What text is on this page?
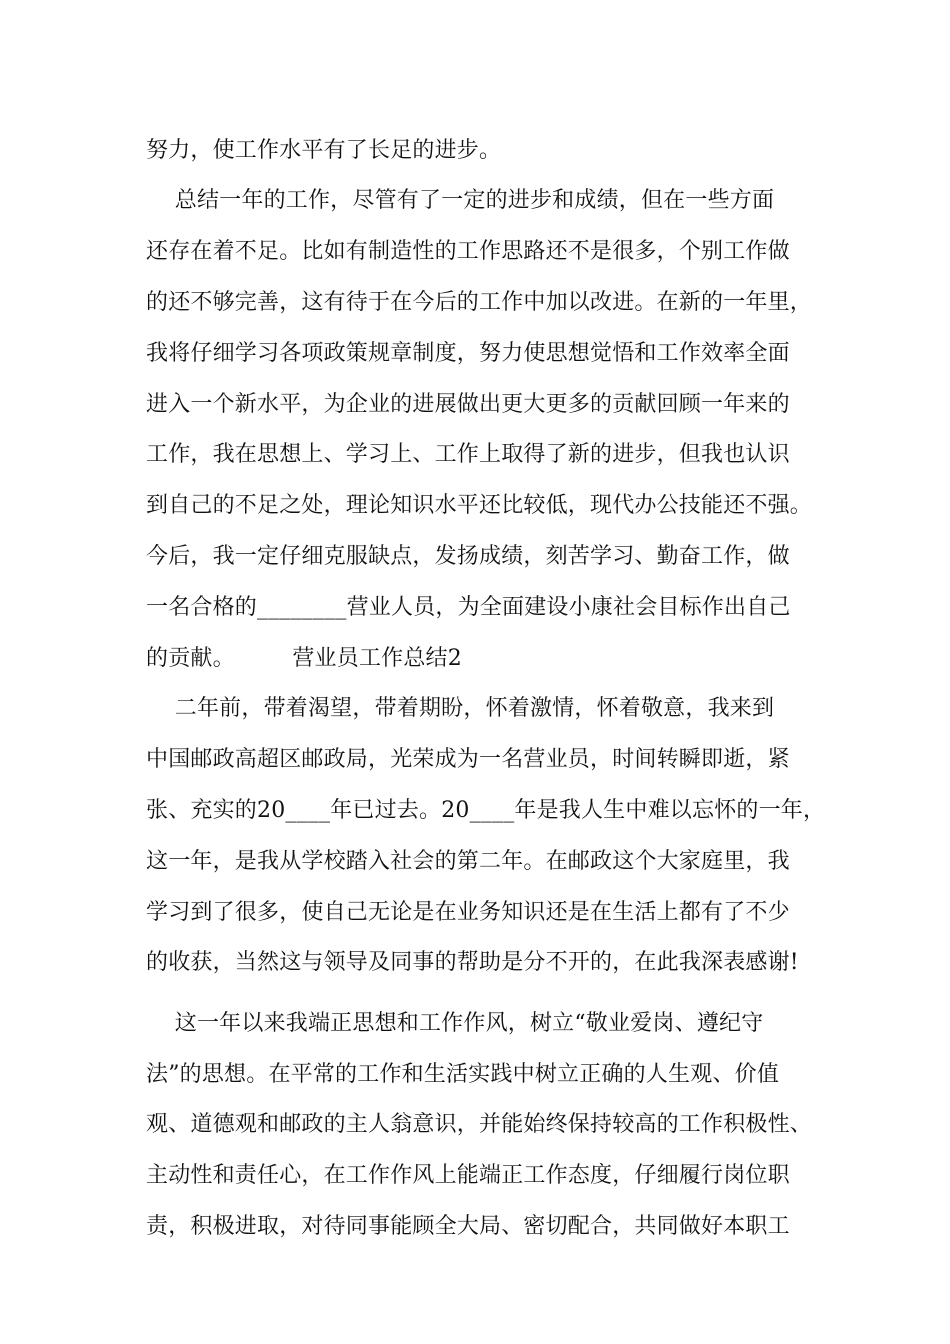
努力，使工作水平有了长足的进步。
总结一年的工作，尽管有了一定的进步和成绩，但在一些方面
还存在着不足。比如有制造性的工作思路还不是很多，个别工作做
的还不够完善，这有待于在今后的工作中加以改进。在新的一年里，
我将仔细学习各项政策规章制度，努力使思想觉悟和工作效率全面
进入一个新水平，为企业的进展做出更大更多的贡献回顾一年来的
工作，我在思想上、学习上、工作上取得了新的进步，但我也认识
到自己的不足之处，理论知识水平还比较低，现代办公技能还不强。
今后，我一定仔细克服缺点，发扬成绩，刻苦学习、勤奋工作，做
一名合格的________营业人员，为全面建设小康社会目标作出自己
的贡献。        营业员工作总结2
二年前，带着渴望，带着期盼，怀着激情，怀着敬意，我来到
中国邮政高超区邮政局，光荣成为一名营业员，时间转瞬即逝，紧
张、充实的20____年已过去。20____年是我人生中难以忘怀的一年，
这一年，是我从学校踏入社会的第二年。在邮政这个大家庭里，我
学习到了很多，使自己无论是在业务知识还是在生活上都有了不少
的收获，当然这与领导及同事的帮助是分不开的，在此我深表感谢!
这一年以来我端正思想和工作作风，树立“敬业爱岗、遵纪守
法”的思想。在平常的工作和生活实践中树立正确的人生观、价值
观、道德观和邮政的主人翁意识，并能始终保持较高的工作积极性、
主动性和责任心，在工作作风上能端正工作态度，仔细履行岗位职
责，积极进取，对待同事能顾全大局、密切配合，共同做好本职工
